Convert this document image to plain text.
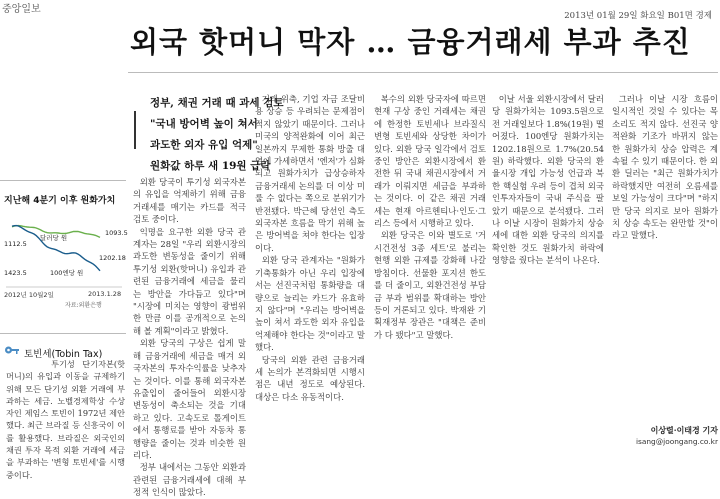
중앙일보
2013년 01월 29일 화요일 B01면 경제
외국 핫머니 막자 … 금융거래세 부과 추진
정부, 채권 거래 때 과세 검토
"국내 방어벽 높이 쳐서
과도한 외자 유입 억제"
원화값 하루 새 19원 급락
지난해 4분기 이후 원화가치
1112.5
1093.5
1423.5
1202.18
달러당 원
100엔당 원
2012년 10월2일	2013.1.28
자료:외환은행
토빈세(Tobin Tax)
투기성 단기자본(핫머니)의 유입과 이동을 규제하기 위해 모든 단기성 외환 거래에 부과하는 세금. 노벨경제학상 수상자인 제임스 토빈이 1972년 제안했다. 최근 브라질 등 신흥국이 이를 활용했다. 브라질은 외국인의 채권 투자 목적 외환 거래에 세금을 부과하는 '변형 토빈세'를 시행 중이다.

외환 당국이 투기성 외국자본의 유입을 억제하기 위해 금융거래세를 매기는 카드를 적극 검토 중이다.

익명을 요구한 외환 당국 관계자는 28일 "우리 외환시장의 과도한 변동성을 줄이기 위해 투기성 외환(핫머니) 유입과 관련된 금융거래에 세금을 물리는 방안을 가다듬고 있다"며 "시장에 미치는 영향이 광범위한 만큼 이를 공개적으로 논의해 볼 계획"이라고 밝혔다.

외환 당국의 구상은 쉽게 말해 금융거래에 세금을 매겨 외국자본의 투자수익률을 낮추자는 것이다. 이를 통해 외국자본 유출입이 줄어들어 외환시장 변동성이 축소되는 것을 기대하고 있다. 고속도로 톨게이트에서 통행료를 받아 자동차 통행량을 줄이는 것과 비슷한 원리다.

정부 내에서는 그동안 외환과 관련된 금융거래세에 대해 부정적 인식이 많았다.

거래 위축, 기업 자금 조달비용 상승 등 우려되는 문제점이 적지 않았기 때문이다. 그러나 미국의 양적완화에 이어 최근 일본까지 무제한 통화 방출 대열에 가세하면서 '엔저'가 심화되고 원화가치가 급상승하자 금융거래세 논의를 더 이상 미룰 수 없다는 쪽으로 분위기가 반전됐다. 박근혜 당선인 측도 외국자본 흐름을 막기 위해 높은 방어벽을 쳐야 한다는 입장이다.

외환 당국 관계자는 "원화가 기축통화가 아닌 우리 입장에서는 선진국처럼 통화량을 대량으로 늘리는 카드가 유효하지 않다"며 "우리는 방어벽을 높이 쳐서 과도한 외자 유입을 억제해야 한다는 것"이라고 말했다.

당국의 외환 관련 금융거래세 논의가 본격화되면 시행시점은 내년 정도로 예상된다. 대상은 다소 유동적이다.

복수의 외환 당국자에 따르면 현재 구상 중인 거래세는 채권에 한정한 토빈세나 브라질식 변형 토빈세와 상당한 차이가 있다. 외환 당국 일각에서 검토 중인 방안은 외환시장에서 환전한 뒤 국내 채권시장에서 거래가 이뤄지면 세금을 부과하는 것이다. 이 같은 채권 거래세는 현재 아르헨티나·인도·그리스 등에서 시행하고 있다.

외환 당국은 이와 별도로 '거시건전성 3종 세트'로 불리는 현행 외환 규제를 강화해 나갈 방침이다. 선물환 포지션 한도를 더 줄이고, 외환건전성 부담금 부과 범위를 확대하는 방안 등이 거론되고 있다. 박재완 기획재정부 장관은 "대책은 준비가 다 됐다"고 말했다.

이날 서울 외환시장에서 달러당 원화가치는 1093.5원으로 전 거래일보다 1.8%(19원) 떨어졌다. 100엔당 원화가치는 1202.18원으로 1.7%(20.54원) 하락했다. 외환 당국의 환율시장 개입 가능성 언급과 북한 핵실험 우려 등이 겹쳐 외국인투자자들이 국내 주식을 팔았기 때문으로 분석됐다. 그러나 이날 시장이 원화가치 상승세에 대한 외환 당국의 의지를 확인한 것도 원화가치 하락에 영향을 줬다는 분석이 나온다.

그러나 이날 시장 흐름이 일시적인 것일 수 있다는 목소리도 적지 않다. 선진국 양적완화 기조가 바뀌지 않는 한 원화가치 상승 압력은 계속될 수 있기 때문이다. 한 외환 딜러는 "최근 원화가치가 하락했지만 여전히 오름세를 보일 가능성이 크다"며 "하지만 당국 의지로 보아 원화가치 상승 속도는 완만할 것"이라고 말했다.

이상렬·이태경 기자
isang@joongang.co.kr
